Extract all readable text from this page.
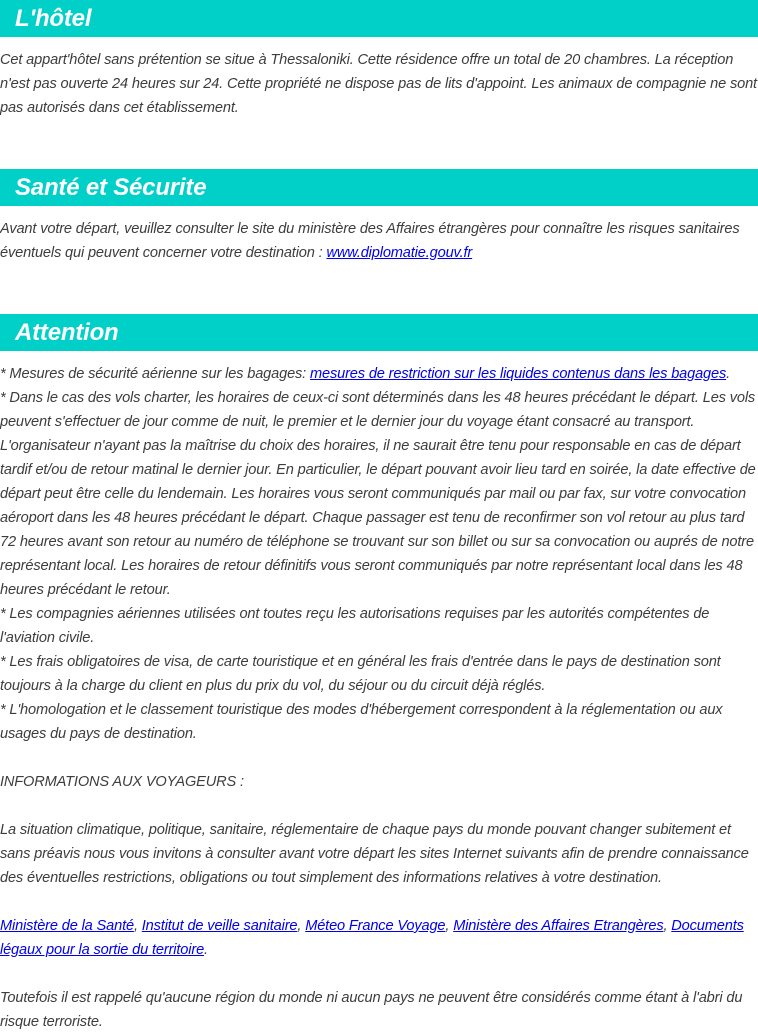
L'hôtel

Cet appart'hôtel sans prétention se situe à Thessaloniki. Cette résidence offre un total de 20 chambres. La réception n'est pas ouverte 24 heures sur 24. Cette propriété ne dispose pas de lits d'appoint. Les animaux de compagnie ne sont pas autorisés dans cet établissement.

Santé et Sécurite

Avant votre départ, veuillez consulter le site du ministère des Affaires étrangères pour connaître les risques sanitaires éventuels qui peuvent concerner votre destination : www.diplomatie.gouv.fr

Attention
* Mesures de sécurité aérienne sur les bagages: mesures de restriction sur les liquides contenus dans les bagages.
* Dans le cas des vols charter, les horaires de ceux-ci sont déterminés dans les 48 heures précédant le départ. Les vols peuvent s'effectuer de jour comme de nuit, le premier et le dernier jour du voyage étant consacré au transport. L'organisateur n'ayant pas la maîtrise du choix des horaires, il ne saurait être tenu pour responsable en cas de départ tardif et/ou de retour matinal le dernier jour. En particulier, le départ pouvant avoir lieu tard en soirée, la date effective de départ peut être celle du lendemain. Les horaires vous seront communiqués par mail ou par fax, sur votre convocation aéroport dans les 48 heures précédant le départ. Chaque passager est tenu de reconfirmer son vol retour au plus tard 72 heures avant son retour au numéro de téléphone se trouvant sur son billet ou sur sa convocation ou auprés de notre représentant local. Les horaires de retour définitifs vous seront communiqués par notre représentant local dans les 48 heures précédant le retour.
* Les compagnies aériennes utilisées ont toutes reçu les autorisations requises par les autorités compétentes de l'aviation civile.
* Les frais obligatoires de visa, de carte touristique et en général les frais d'entrée dans le pays de destination sont toujours à la charge du client en plus du prix du vol, du séjour ou du circuit déjà réglés.
* L'homologation et le classement touristique des modes d'hébergement correspondent à la réglementation ou aux usages du pays de destination.
INFORMATIONS AUX VOYAGEURS :
La situation climatique, politique, sanitaire, réglementaire de chaque pays du monde pouvant changer subitement et sans préavis nous vous invitons à consulter avant votre départ les sites Internet suivants afin de prendre connaissance des éventuelles restrictions, obligations ou tout simplement des informations relatives à votre destination.
Ministère de la Santé, Institut de veille sanitaire, Méteo France Voyage, Ministère des Affaires Etrangères, Documents légaux pour la sortie du territoire.
Toutefois il est rappelé qu'aucune région du monde ni aucun pays ne peuvent être considérés comme étant à l'abri du risque terroriste.
